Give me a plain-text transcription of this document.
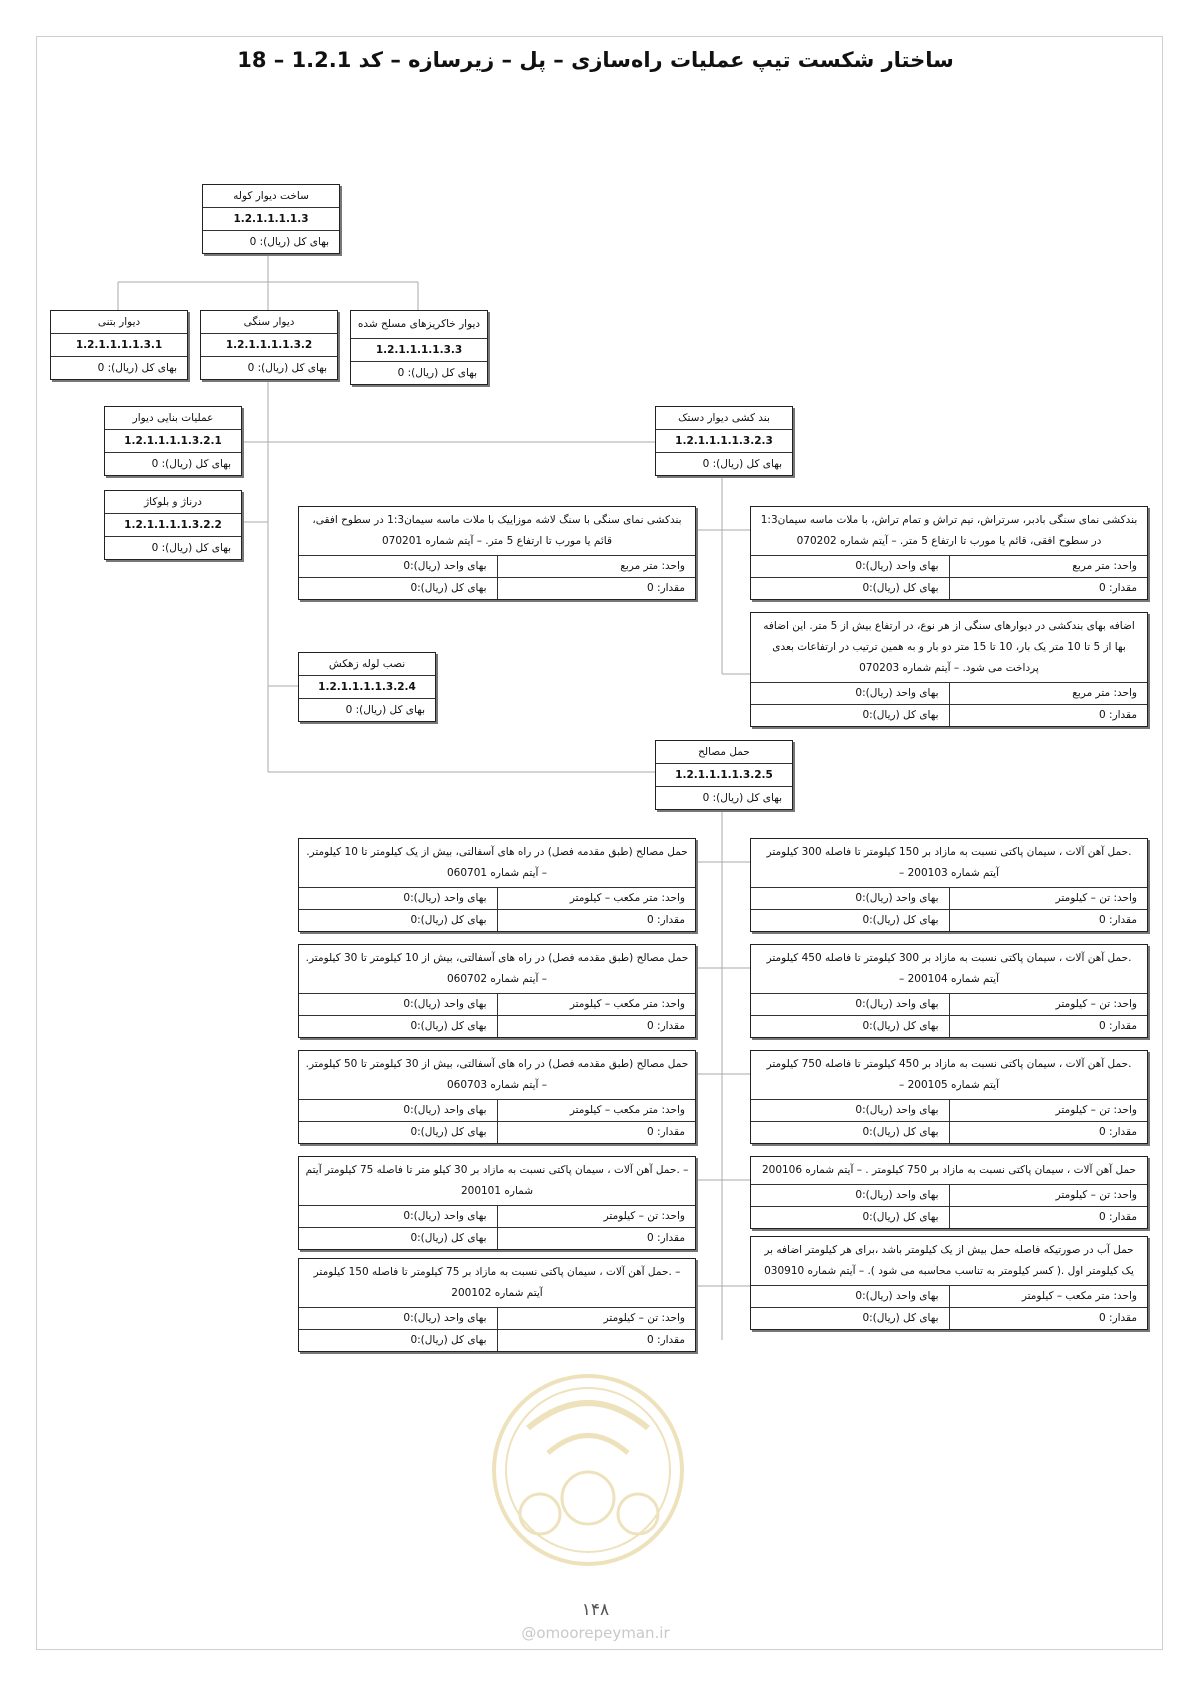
ساختار شکست تیپ عملیات راه‌سازی – پل – زیرسازه – کد 1.2.1 – 18
ساخت دیوار کوله
1.2.1.1.1.1.3
بهای کل (ریال): 0
دیوار بتنی
1.2.1.1.1.1.3.1
بهای کل (ریال): 0
دیوار سنگی
1.2.1.1.1.1.3.2
بهای کل (ریال): 0
دیوار خاکریزهای مسلح شده
1.2.1.1.1.1.3.3
بهای کل (ریال): 0
عملیات بنایی دیوار
1.2.1.1.1.1.3.2.1
بهای کل (ریال): 0
درناژ و بلوکاژ
1.2.1.1.1.1.3.2.2
بهای کل (ریال): 0
بند کشی دیوار دستک
1.2.1.1.1.1.3.2.3
بهای کل (ریال): 0
نصب لوله زهکش
1.2.1.1.1.1.3.2.4
بهای کل (ریال): 0
حمل مصالح
1.2.1.1.1.1.3.2.5
بهای کل (ریال): 0
بندکشی نمای سنگی با سنگ لاشه موزاییک با ملات ماسه سیمان1:3 در سطوح افقی، قائم یا مورب تا ارتفاع 5 متر. – آیتم شماره 070201
واحد: متر مربع
بهای واحد (ریال):0
مقدار: 0
بهای کل (ریال):0
بندکشی نمای سنگی بادبر، سرتراش، نیم تراش و تمام تراش، با ملات ماسه سیمان1:3 در سطوح افقی، قائم یا مورب تا ارتفاع 5 متر. – آیتم شماره 070202
واحد: متر مربع
بهای واحد (ریال):0
مقدار: 0
بهای کل (ریال):0
اضافه بهای بندکشی در دیوارهای سنگی از هر نوع، در ارتفاع بیش از 5 متر. این اضافه بها از 5 تا 10 متر یک بار، 10 تا 15 متر دو بار و به همین ترتیب در ارتفاعات بعدی پرداخت می شود. – آیتم شماره 070203
واحد: متر مربع
بهای واحد (ریال):0
مقدار: 0
بهای کل (ریال):0
حمل مصالح (طبق مقدمه فصل) در راه های آسفالتی، بیش از یک کیلومتر تا 10 کیلومتر. – آیتم شماره 060701
واحد: متر مکعب – کیلومتر
بهای واحد (ریال):0
مقدار: 0
بهای کل (ریال):0
.حمل آهن آلات ، سیمان پاکتی نسبت به مازاد بر 150 کیلومتر تا فاصله 300 کیلومتر آیتم شماره 200103 –
واحد: تن – کیلومتر
بهای واحد (ریال):0
مقدار: 0
بهای کل (ریال):0
حمل مصالح (طبق مقدمه فصل) در راه های آسفالتی، بیش از 10 کیلومتر تا 30 کیلومتر. – آیتم شماره 060702
واحد: متر مکعب – کیلومتر
بهای واحد (ریال):0
مقدار: 0
بهای کل (ریال):0
.حمل آهن آلات ، سیمان پاکتی نسبت به مازاد بر 300 کیلومتر تا فاصله 450 کیلومتر آیتم شماره 200104 –
واحد: تن – کیلومتر
بهای واحد (ریال):0
مقدار: 0
بهای کل (ریال):0
حمل مصالح (طبق مقدمه فصل) در راه های آسفالتی، بیش از 30 کیلومتر تا 50 کیلومتر. – آیتم شماره 060703
واحد: متر مکعب – کیلومتر
بهای واحد (ریال):0
مقدار: 0
بهای کل (ریال):0
.حمل آهن آلات ، سیمان پاکتی نسبت به مازاد بر 450 کیلومتر تا فاصله 750 کیلومتر آیتم شماره 200105 –
واحد: تن – کیلومتر
بهای واحد (ریال):0
مقدار: 0
بهای کل (ریال):0
– .حمل آهن آلات ، سیمان پاکتی نسبت به مازاد بر 30 کیلو متر تا فاصله 75 کیلومتر آیتم شماره 200101
واحد: تن – کیلومتر
بهای واحد (ریال):0
مقدار: 0
بهای کل (ریال):0
حمل آهن آلات ، سیمان پاکتی نسبت به مازاد بر 750 کیلومتر . – آیتم شماره 200106
واحد: تن – کیلومتر
بهای واحد (ریال):0
مقدار: 0
بهای کل (ریال):0
– .حمل آهن آلات ، سیمان پاکتی نسبت به مازاد بر 75 کیلومتر تا فاصله 150 کیلومتر آیتم شماره 200102
واحد: تن – کیلومتر
بهای واحد (ریال):0
مقدار: 0
بهای کل (ریال):0
حمل آب در صورتیکه فاصله حمل بیش از یک کیلومتر باشد ،برای هر کیلومتر اضافه بر یک کیلومتر اول .( کسر کیلومتر به تناسب محاسبه می شود ). – آیتم شماره 030910
واحد: متر مکعب – کیلومتر
بهای واحد (ریال):0
مقدار: 0
بهای کل (ریال):0
۱۴۸
@omoorepeyman.ir
